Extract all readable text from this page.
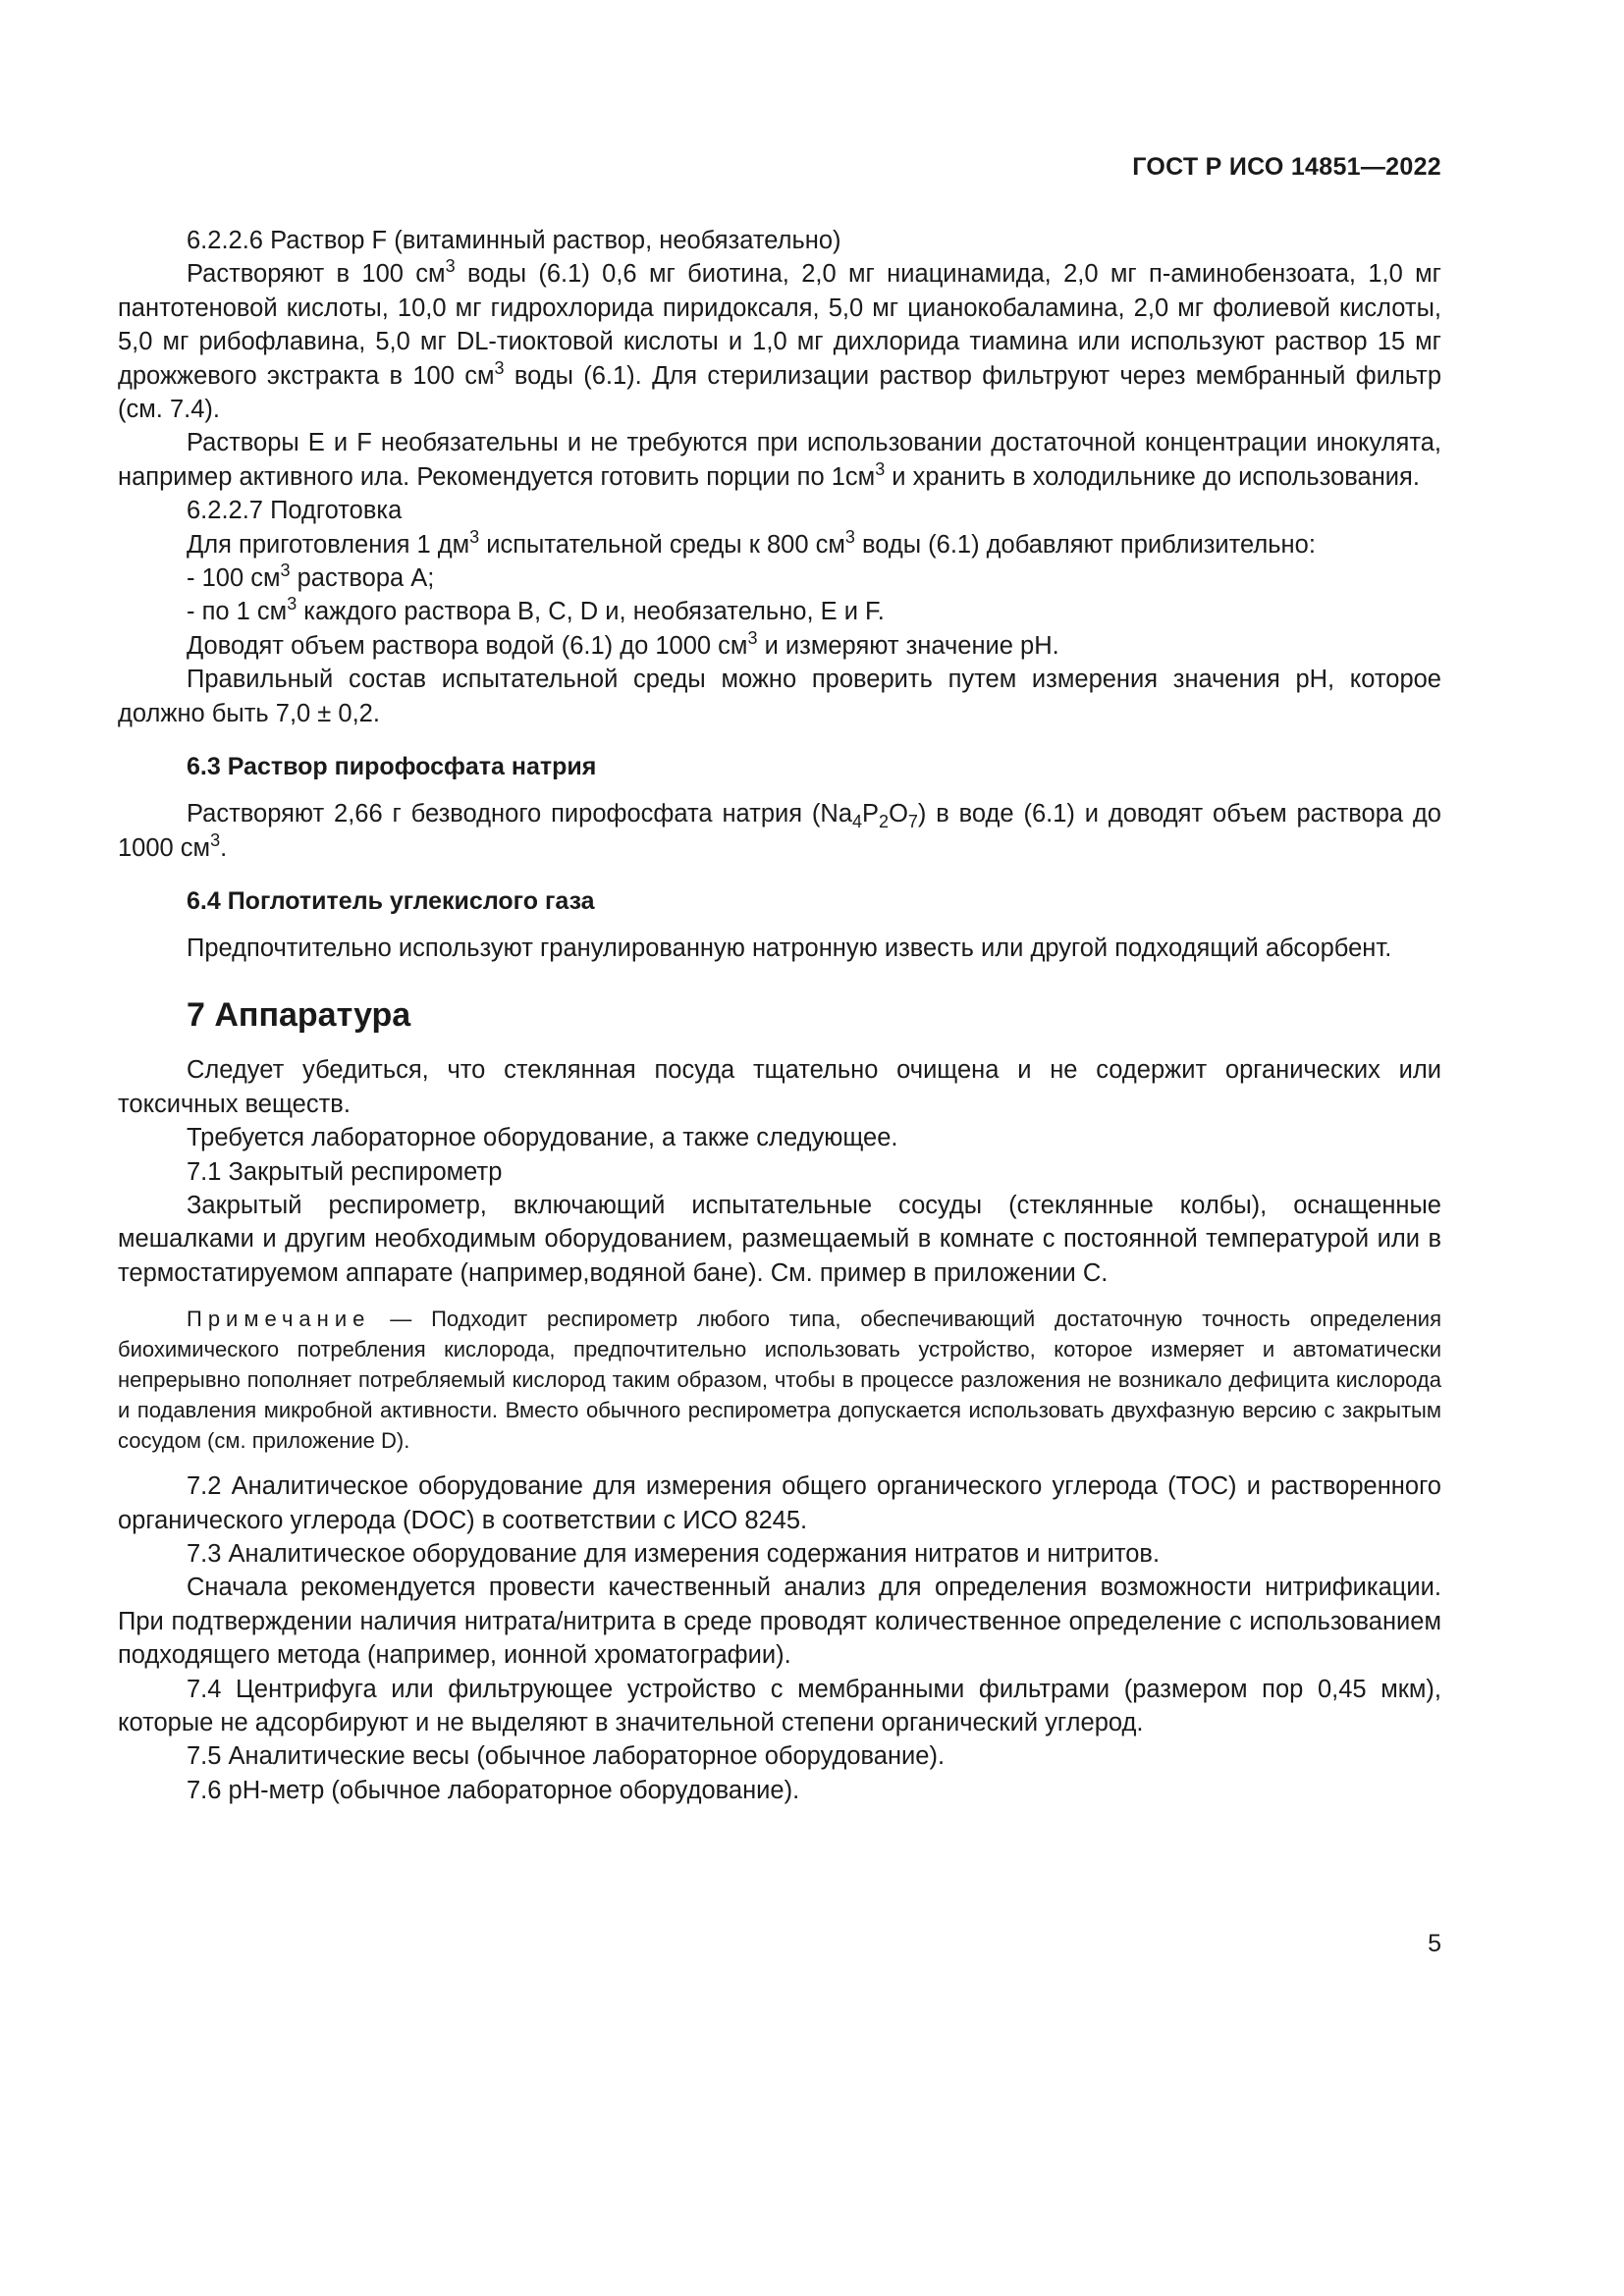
ГОСТ Р ИСО 14851—2022

6.2.2.6 Раствор F (витаминный раствор, необязательно)

Растворяют в 100 $см^3$ воды (6.1) 0,6 мг биотина, 2,0 мг ниацинамида, 2,0 мг п-аминобензоата, 1,0 мг пантотеновой кислоты, 10,0 мг гидрохлорида пиридоксаля, 5,0 мг цианокобаламина, 2,0 мг фолиевой кислоты, 5,0 мг рибофлавина, 5,0 мг DL-тиоктовой кислоты и 1,0 мг дихлорида тиамина или используют раствор 15 мг дрожжевого экстракта в 100 $см^3$ воды (6.1). Для стерилизации раствор фильтруют через мембранный фильтр (см. 7.4).

Растворы E и F необязательны и не требуются при использовании достаточной концентрации инокулята, например активного ила. Рекомендуется готовить порции по $1см^3$ и хранить в холодильнике до использования.

6.2.2.7 Подготовка

Для приготовления 1 $дм^3$ испытательной среды к 800 $см^3$ воды (6.1) добавляют приблизительно:

- 100 $см^3$ раствора А;

- по 1 $см^3$ каждого раствора B, C, D и, необязательно, E и F.

Доводят объем раствора водой (6.1) до 1000 $см^3$ и измеряют значение pH.

Правильный состав испытательной среды можно проверить путем измерения значения рН, которое должно быть 7,0 ± 0,2.

6.3 Раствор пирофосфата натрия

Растворяют 2,66 г безводного пирофосфата натрия $(Na_4P_2O_7)$ в воде (6.1) и доводят объем раствора до 1000 $см^3$.

6.4 Поглотитель углекислого газа

Предпочтительно используют гранулированную натронную известь или другой подходящий абсорбент.

7 Аппаратура

Следует убедиться, что стеклянная посуда тщательно очищена и не содержит органических или токсичных веществ.

Требуется лабораторное оборудование, а также следующее.

7.1 Закрытый респирометр

Закрытый респирометр, включающий испытательные сосуды (стеклянные колбы), оснащенные мешалками и другим необходимым оборудованием, размещаемый в комнате с постоянной температурой или в термостатируемом аппарате (например,водяной бане). См. пример в приложении С.

Примечание — Подходит респирометр любого типа, обеспечивающий достаточную точность определения биохимического потребления кислорода, предпочтительно использовать устройство, которое измеряет и автоматически непрерывно пополняет потребляемый кислород таким образом, чтобы в процессе разложения не возникало дефицита кислорода и подавления микробной активности. Вместо обычного респирометра допускается использовать двухфазную версию с закрытым сосудом (см. приложение D).

7.2 Аналитическое оборудование для измерения общего органического углерода (TOC) и растворенного органического углерода (DOC) в соответствии с ИСО 8245.

7.3 Аналитическое оборудование для измерения содержания нитратов и нитритов.

Сначала рекомендуется провести качественный анализ для определения возможности нитрификации. При подтверждении наличия нитрата/нитрита в среде проводят количественное определение с использованием подходящего метода (например, ионной хроматографии).

7.4 Центрифуга или фильтрующее устройство с мембранными фильтрами (размером пор 0,45 мкм), которые не адсорбируют и не выделяют в значительной степени органический углерод.

7.5 Аналитические весы (обычное лабораторное оборудование).

7.6 pH-метр (обычное лабораторное оборудование).

5
